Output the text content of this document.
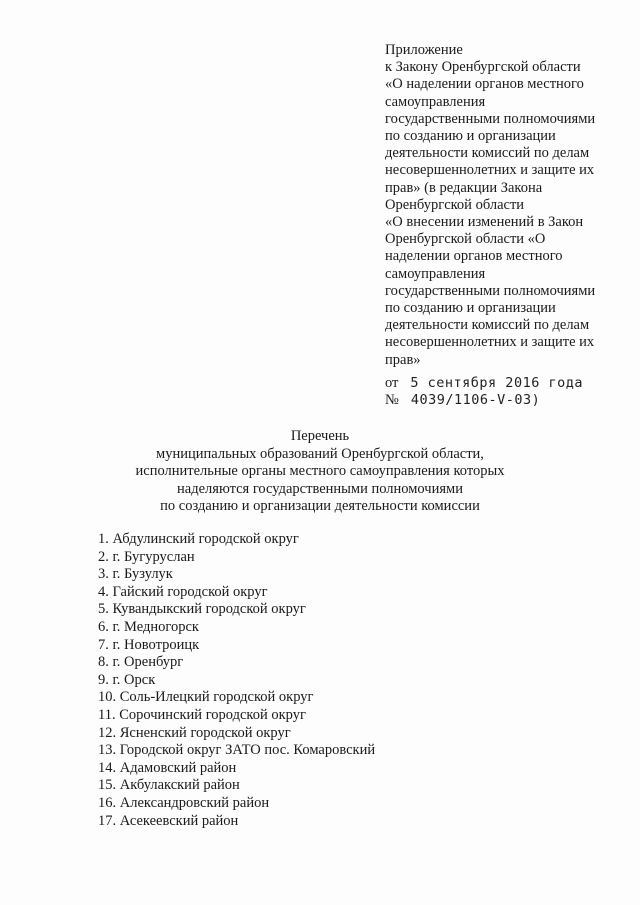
Приложение
к Закону Оренбургской области
«О наделении органов местного
самоуправления
государственными полномочиями
по созданию и организации
деятельности комиссий по делам
несовершеннолетних и защите их
прав» (в редакции Закона
Оренбургской области
«О внесении изменений в Закон
Оренбургской области «О
наделении органов местного
самоуправления
государственными полномочиями
по созданию и организации
деятельности комиссий по делам
несовершеннолетних и защите их
прав»
от 5 сентября 2016 года
№ 4039/1106-V-03)
Перечень
муниципальных образований Оренбургской области,
исполнительные органы местного самоуправления которых
наделяются государственными полномочиями
по созданию и организации деятельности комиссии
1. Абдулинский городской округ
2. г. Бугуруслан
3. г. Бузулук
4. Гайский городской округ
5. Кувандыкский городской округ
6. г. Медногорск
7. г. Новотроицк
8. г. Оренбург
9. г. Орск
10. Соль-Илецкий городской округ
11. Сорочинский городской округ
12. Ясненский городской округ
13. Городской округ ЗАТО пос. Комаровский
14. Адамовский район
15. Акбулакский район
16. Александровский район
17. Асекеевский район
